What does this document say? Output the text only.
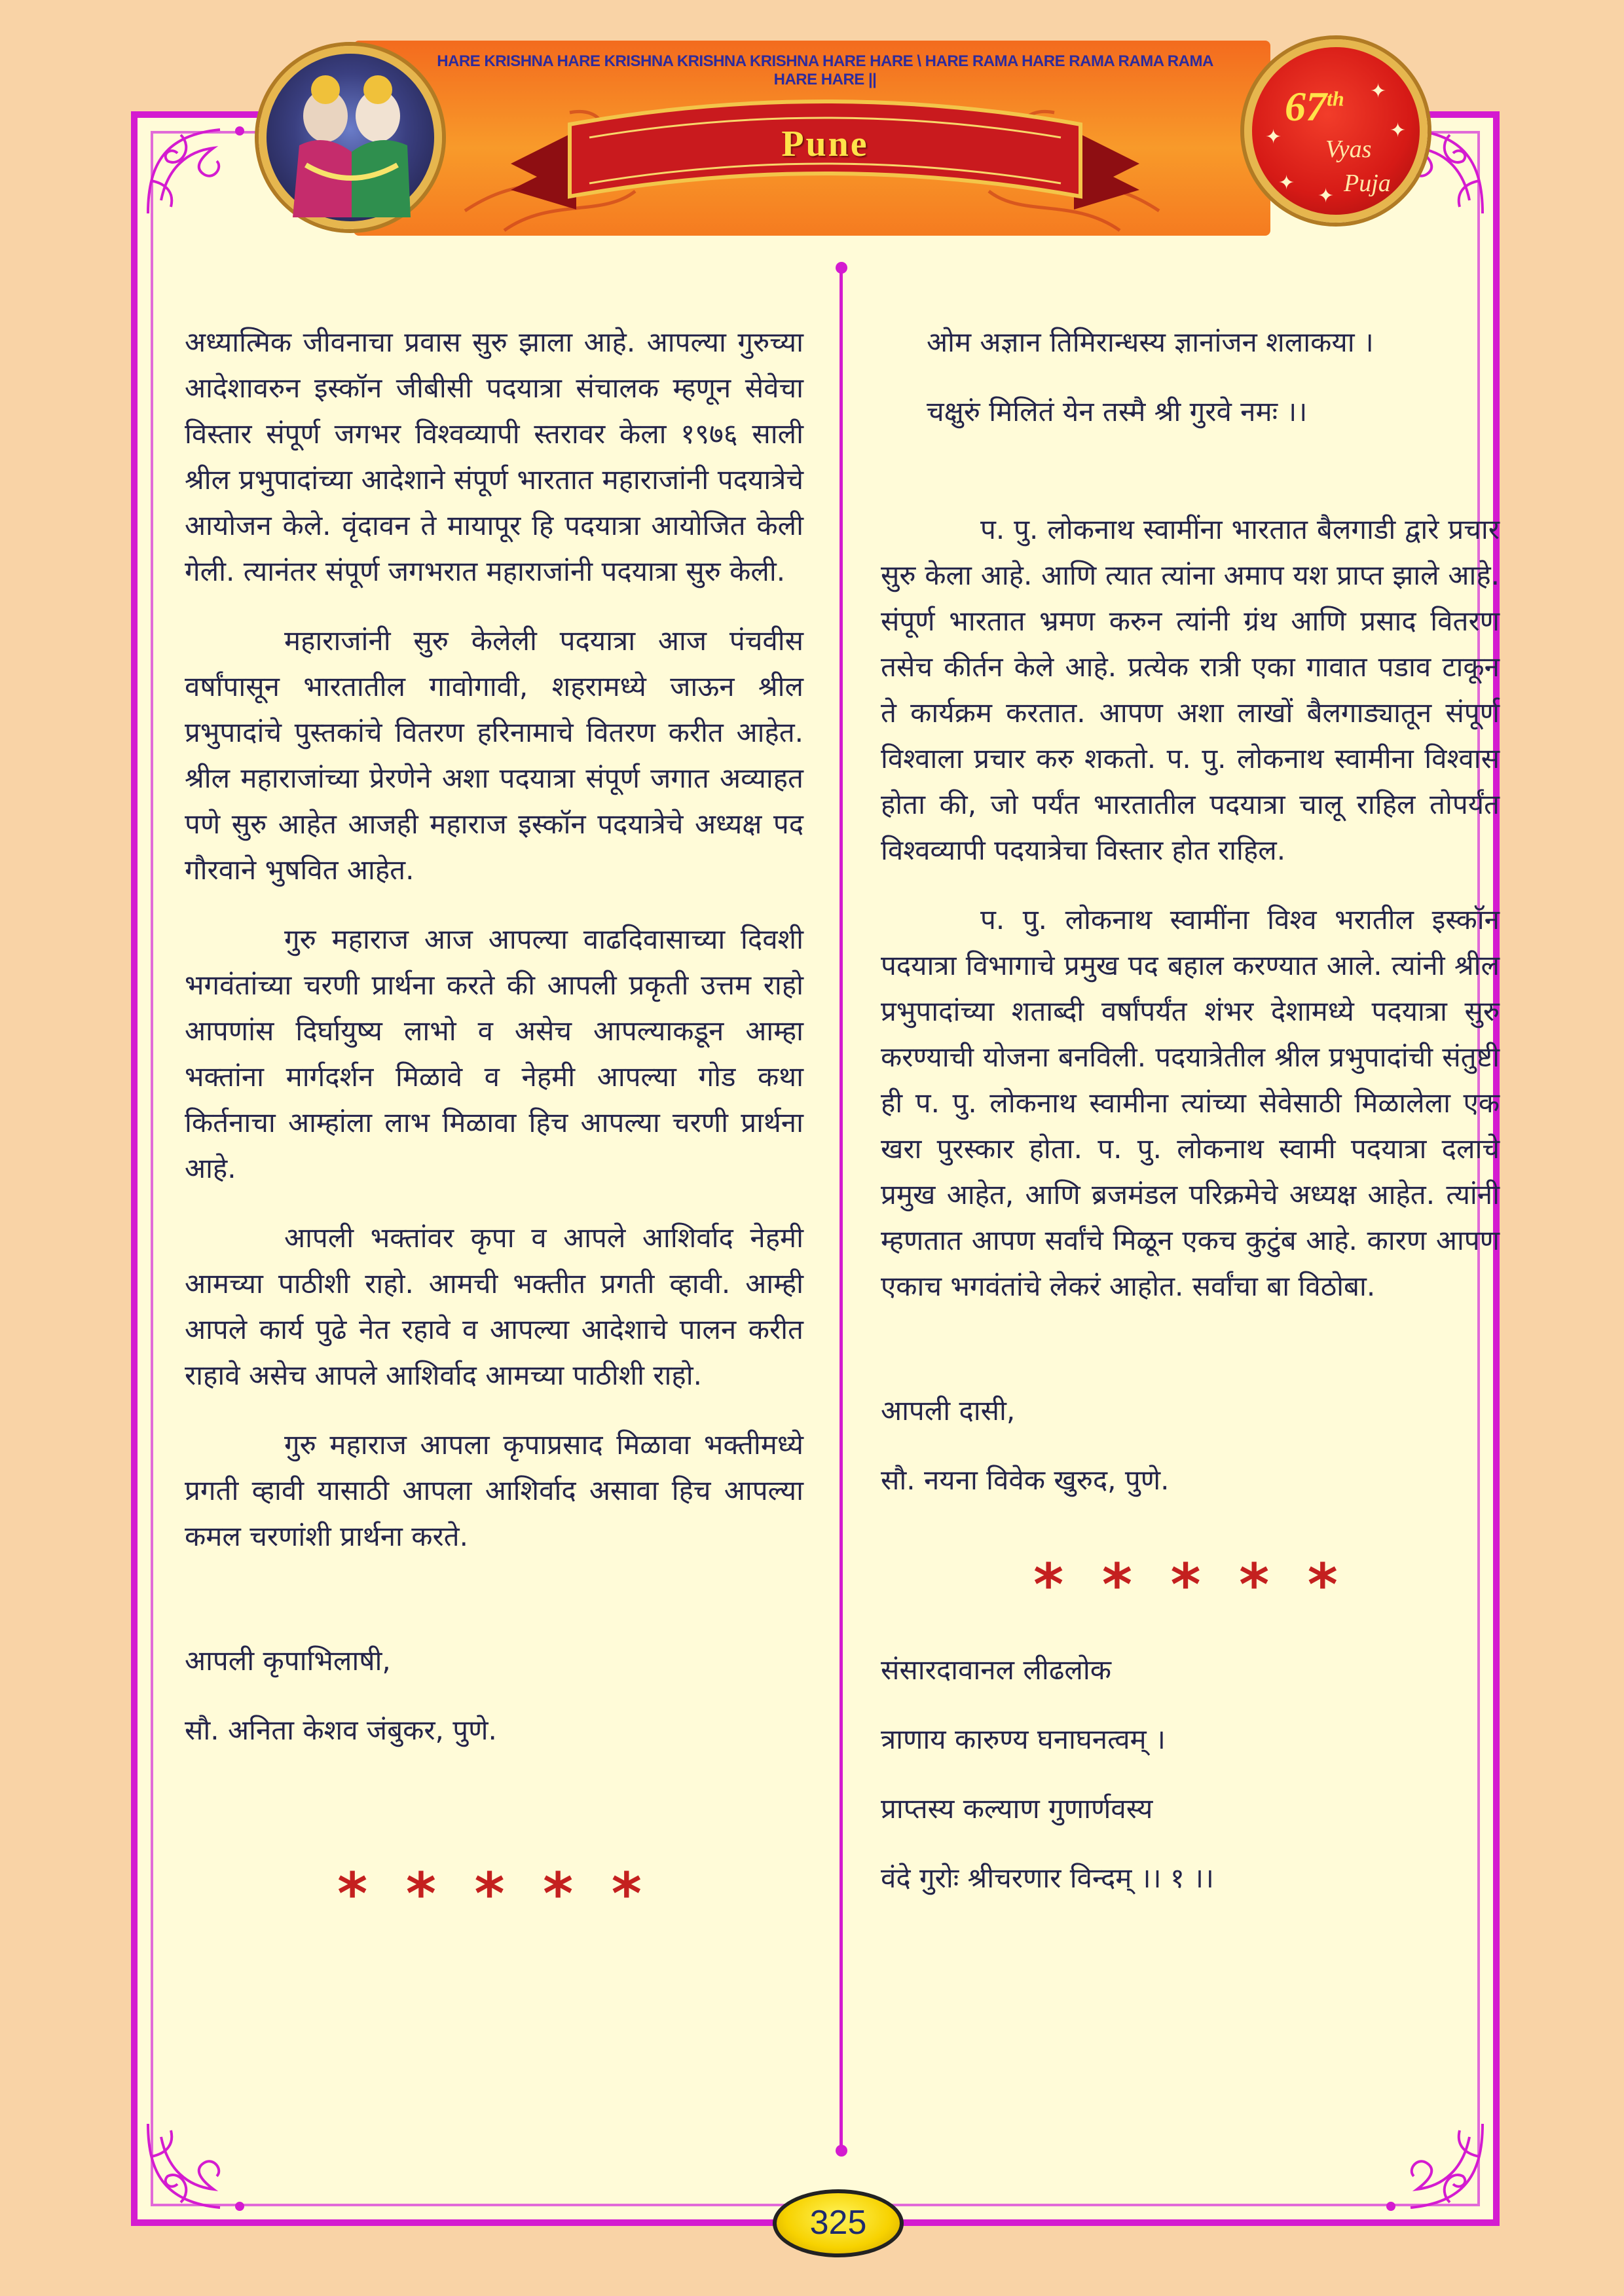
HARE KRISHNA HARE KRISHNA KRISHNA KRISHNA HARE HARE \ HARE RAMA HARE RAMA RAMA RAMA HARE HARE ||
Pune
67th
Vyas
Puja
✦
✦
✦
✦
✦

अध्यात्मिक जीवनाचा प्रवास सुरु झाला आहे. आपल्या गुरुच्या आदेशावरुन इस्कॉन जीबीसी पदयात्रा संचालक म्हणून सेवेचा विस्तार संपूर्ण जगभर विश्वव्यापी स्तरावर केला १९७६ साली श्रील प्रभुपादांच्या आदेशाने संपूर्ण भारतात महाराजांनी पदयात्रेचे आयोजन केले. वृंदावन ते मायापूर हि पदयात्रा आयोजित केली गेली. त्यानंतर संपूर्ण जगभरात महाराजांनी पदयात्रा सुरु केली.

महाराजांनी सुरु केलेली पदयात्रा आज पंचवीस वर्षांपासून भारतातील गावोगावी, शहरामध्ये जाऊन श्रील प्रभुपादांचे पुस्तकांचे वितरण हरिनामाचे वितरण करीत आहेत. श्रील महाराजांच्या प्रेरणेने अशा पदयात्रा संपूर्ण जगात अव्याहत पणे सुरु आहेत आजही महाराज इस्कॉन पदयात्रेचे अध्यक्ष पद गौरवाने भुषवित आहेत.

गुरु महाराज आज आपल्या वाढदिवासाच्या दिवशी भगवंतांच्या चरणी प्रार्थना करते की आपली प्रकृती उत्तम राहो आपणांस दिर्घायुष्य लाभो व असेच आपल्याकडून आम्हा भक्तांना मार्गदर्शन मिळावे व नेहमी आपल्या गोड कथा किर्तनाचा आम्हांला लाभ मिळावा हिच आपल्या चरणी प्रार्थना आहे.

आपली भक्तांवर कृपा व आपले आशिर्वाद नेहमी आमच्या पाठीशी राहो. आमची भक्तीत प्रगती व्हावी. आम्ही आपले कार्य पुढे नेत रहावे व आपल्या आदेशाचे पालन करीत राहावे असेच आपले आशिर्वाद आमच्या पाठीशी राहो.

गुरु महाराज आपला कृपाप्रसाद मिळावा भक्तीमध्ये प्रगती व्हावी यासाठी आपला आशिर्वाद असावा हिच आपल्या कमल चरणांशी प्रार्थना करते.

आपली कृपाभिलाषी,

सौ. अनिता केशव जंबुकर, पुणे.

* * * * *

ओम अज्ञान तिमिरान्धस्य ज्ञानांजन शलाकया ।

चक्षुरुं मिलितं येन तस्मै श्री गुरवे नमः ।।

प. पु. लोकनाथ स्वामींना भारतात बैलगाडी द्वारे प्रचार सुरु केला आहे. आणि त्यात त्यांना अमाप यश प्राप्त झाले आहे. संपूर्ण भारतात भ्रमण करुन त्यांनी ग्रंथ आणि प्रसाद वितरण तसेच कीर्तन केले आहे. प्रत्येक रात्री एका गावात पडाव टाकून ते कार्यक्रम करतात. आपण अशा लाखों बैलगाड्यातून संपूर्ण विश्वाला प्रचार करु शकतो. प. पु. लोकनाथ स्वामीना विश्वास होता की, जो पर्यंत भारतातील पदयात्रा चालू राहिल तोपर्यंत विश्वव्यापी पदयात्रेचा विस्तार होत राहिल.

प. पु. लोकनाथ स्वामींना विश्व भरातील इस्कॉन पदयात्रा विभागाचे प्रमुख पद बहाल करण्यात आले. त्यांनी श्रील प्रभुपादांच्या शताब्दी वर्षांपर्यंत शंभर देशामध्ये पदयात्रा सुरु करण्याची योजना बनविली. पदयात्रेतील श्रील प्रभुपादांची संतुष्टी ही प. पु. लोकनाथ स्वामीना त्यांच्या सेवेसाठी मिळालेला एक खरा पुरस्कार होता. प. पु. लोकनाथ स्वामी पदयात्रा दलाचे प्रमुख आहेत, आणि ब्रजमंडल परिक्रमेचे अध्यक्ष आहेत. त्यांनी म्हणतात आपण सर्वांचे मिळून एकच कुटुंब आहे. कारण आपण एकाच भगवंतांचे लेकरं आहोत. सर्वांचा बा विठोबा.

आपली दासी,

सौ. नयना विवेक खुरुद, पुणे.

* * * * *

संसारदावानल लीढलोक

त्राणाय कारुण्य घनाघनत्वम् ।

प्राप्तस्य कल्याण गुणार्णवस्य

वंदे गुरोः श्रीचरणार विन्दम् ।। १ ।।

325
